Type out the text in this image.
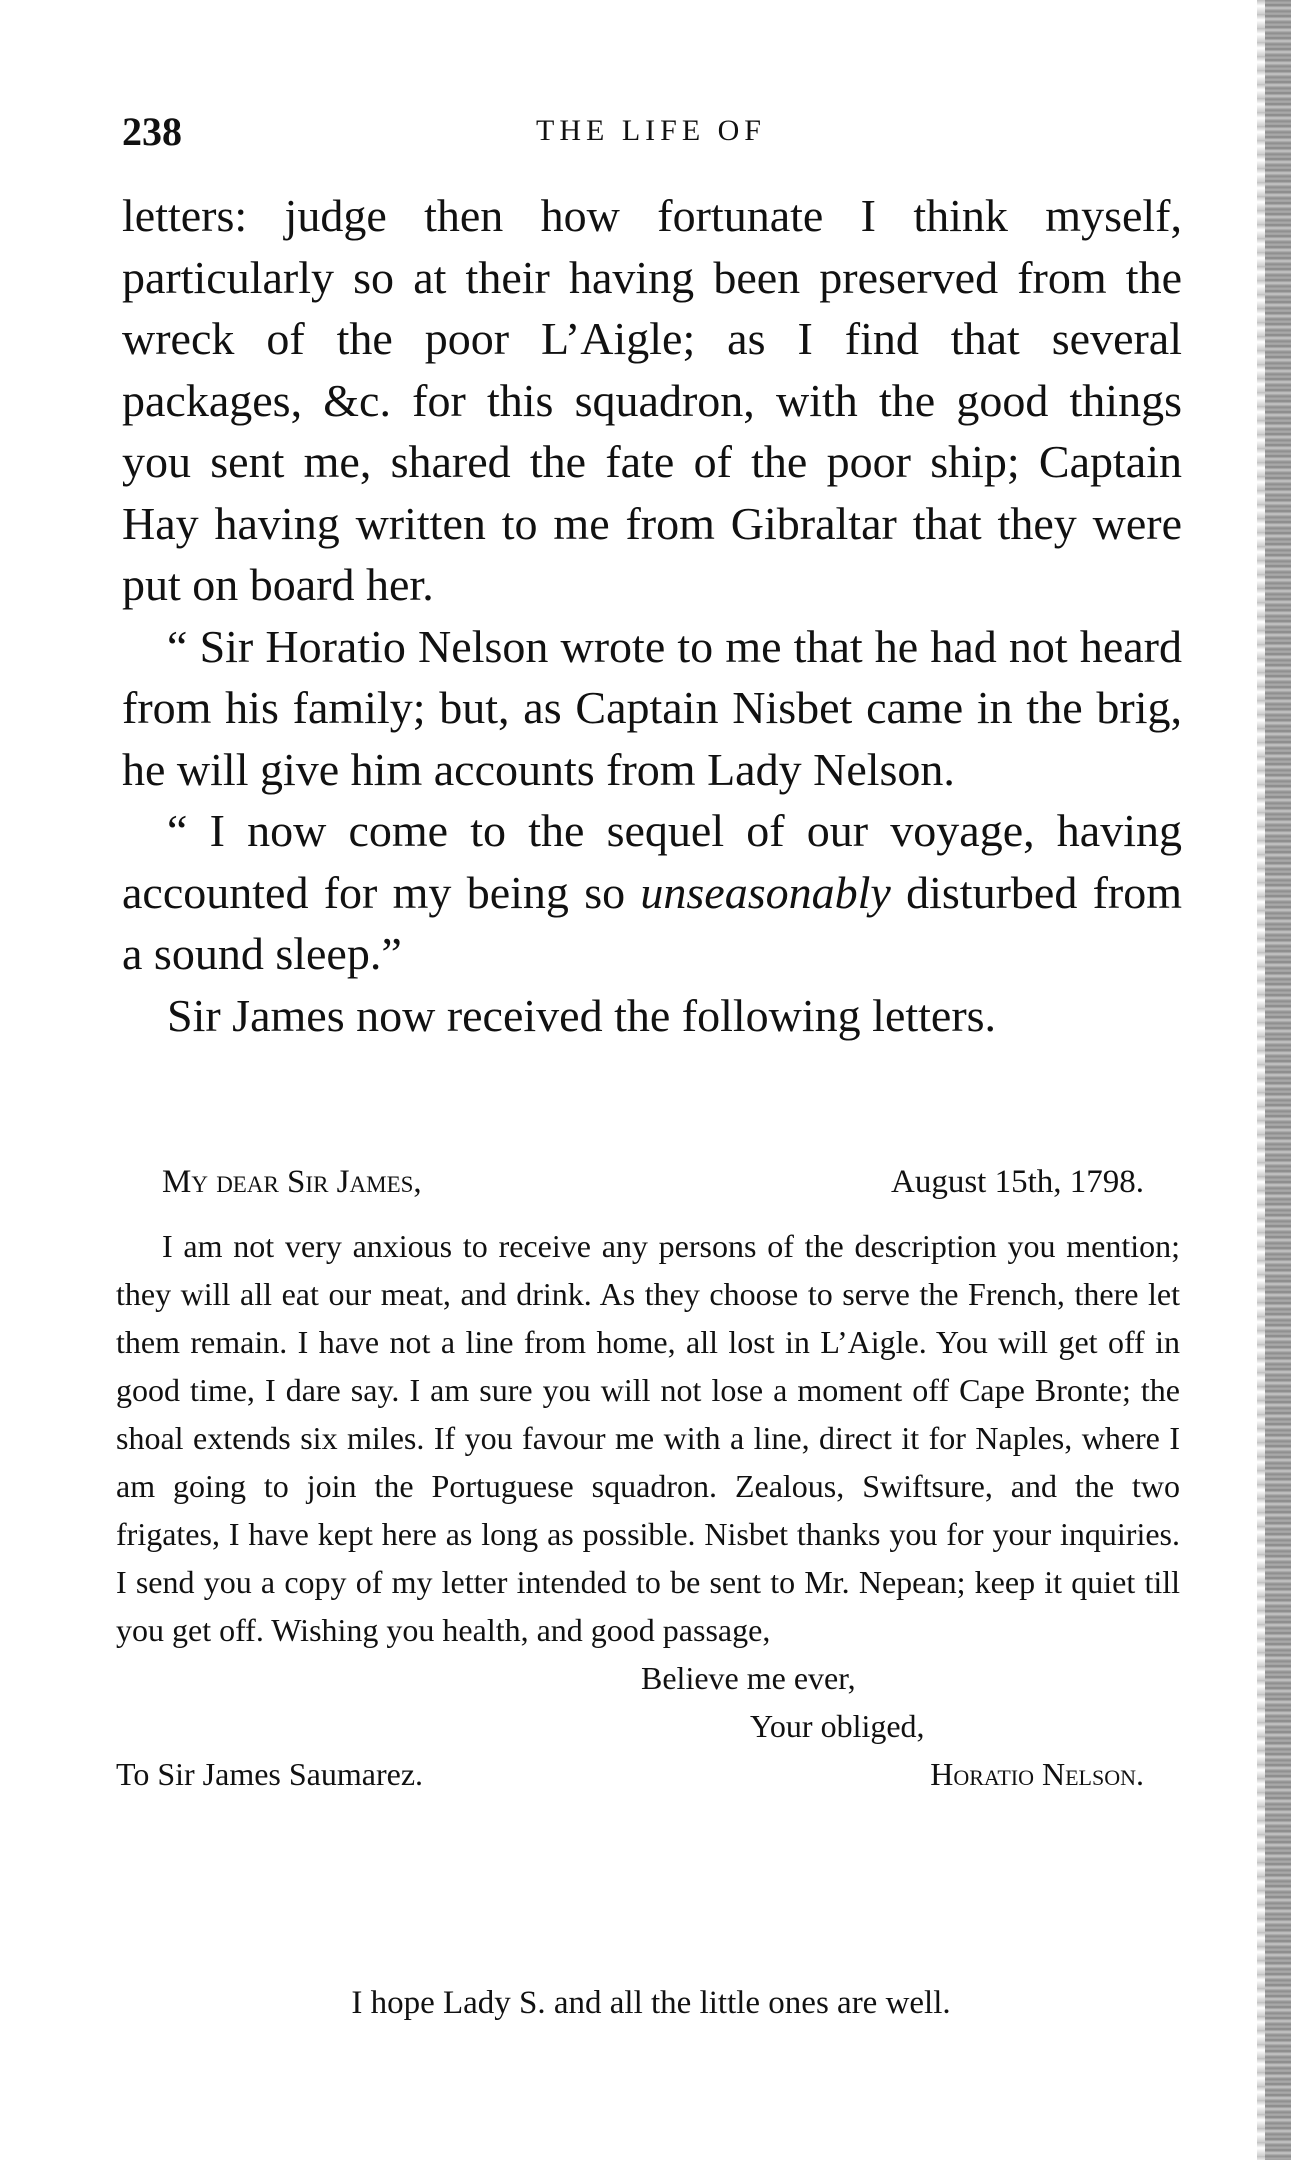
238	THE LIFE OF

letters: judge then how fortunate I think myself, particularly so at their having been preserved from the wreck of the poor L’Aigle; as I find that several packages, &c. for this squadron, with the good things you sent me, shared the fate of the poor ship; Captain Hay having written to me from Gibraltar that they were put on board her.

“ Sir Horatio Nelson wrote to me that he had not heard from his family; but, as Captain Nisbet came in the brig, he will give him accounts from Lady Nelson.

“ I now come to the sequel of our voyage, having accounted for my being so unseasonably disturbed from a sound sleep.”

Sir James now received the following letters.

My dear Sir James,	August 15th, 1798.
I am not very anxious to receive any persons of the description you mention; they will all eat our meat, and drink. As they choose to serve the French, there let them remain. I have not a line from home, all lost in L’Aigle. You will get off in good time, I dare say. I am sure you will not lose a moment off Cape Bronte; the shoal extends six miles. If you favour me with a line, direct it for Naples, where I am going to join the Portuguese squadron. Zealous, Swiftsure, and the two frigates, I have kept here as long as possible. Nisbet thanks you for your inquiries. I send you a copy of my letter intended to be sent to Mr. Nepean; keep it quiet till you get off. Wishing you health, and good passage,
Believe me ever,
Your obliged,
To Sir James Saumarez.	Horatio Nelson.
I hope Lady S. and all the little ones are well.
